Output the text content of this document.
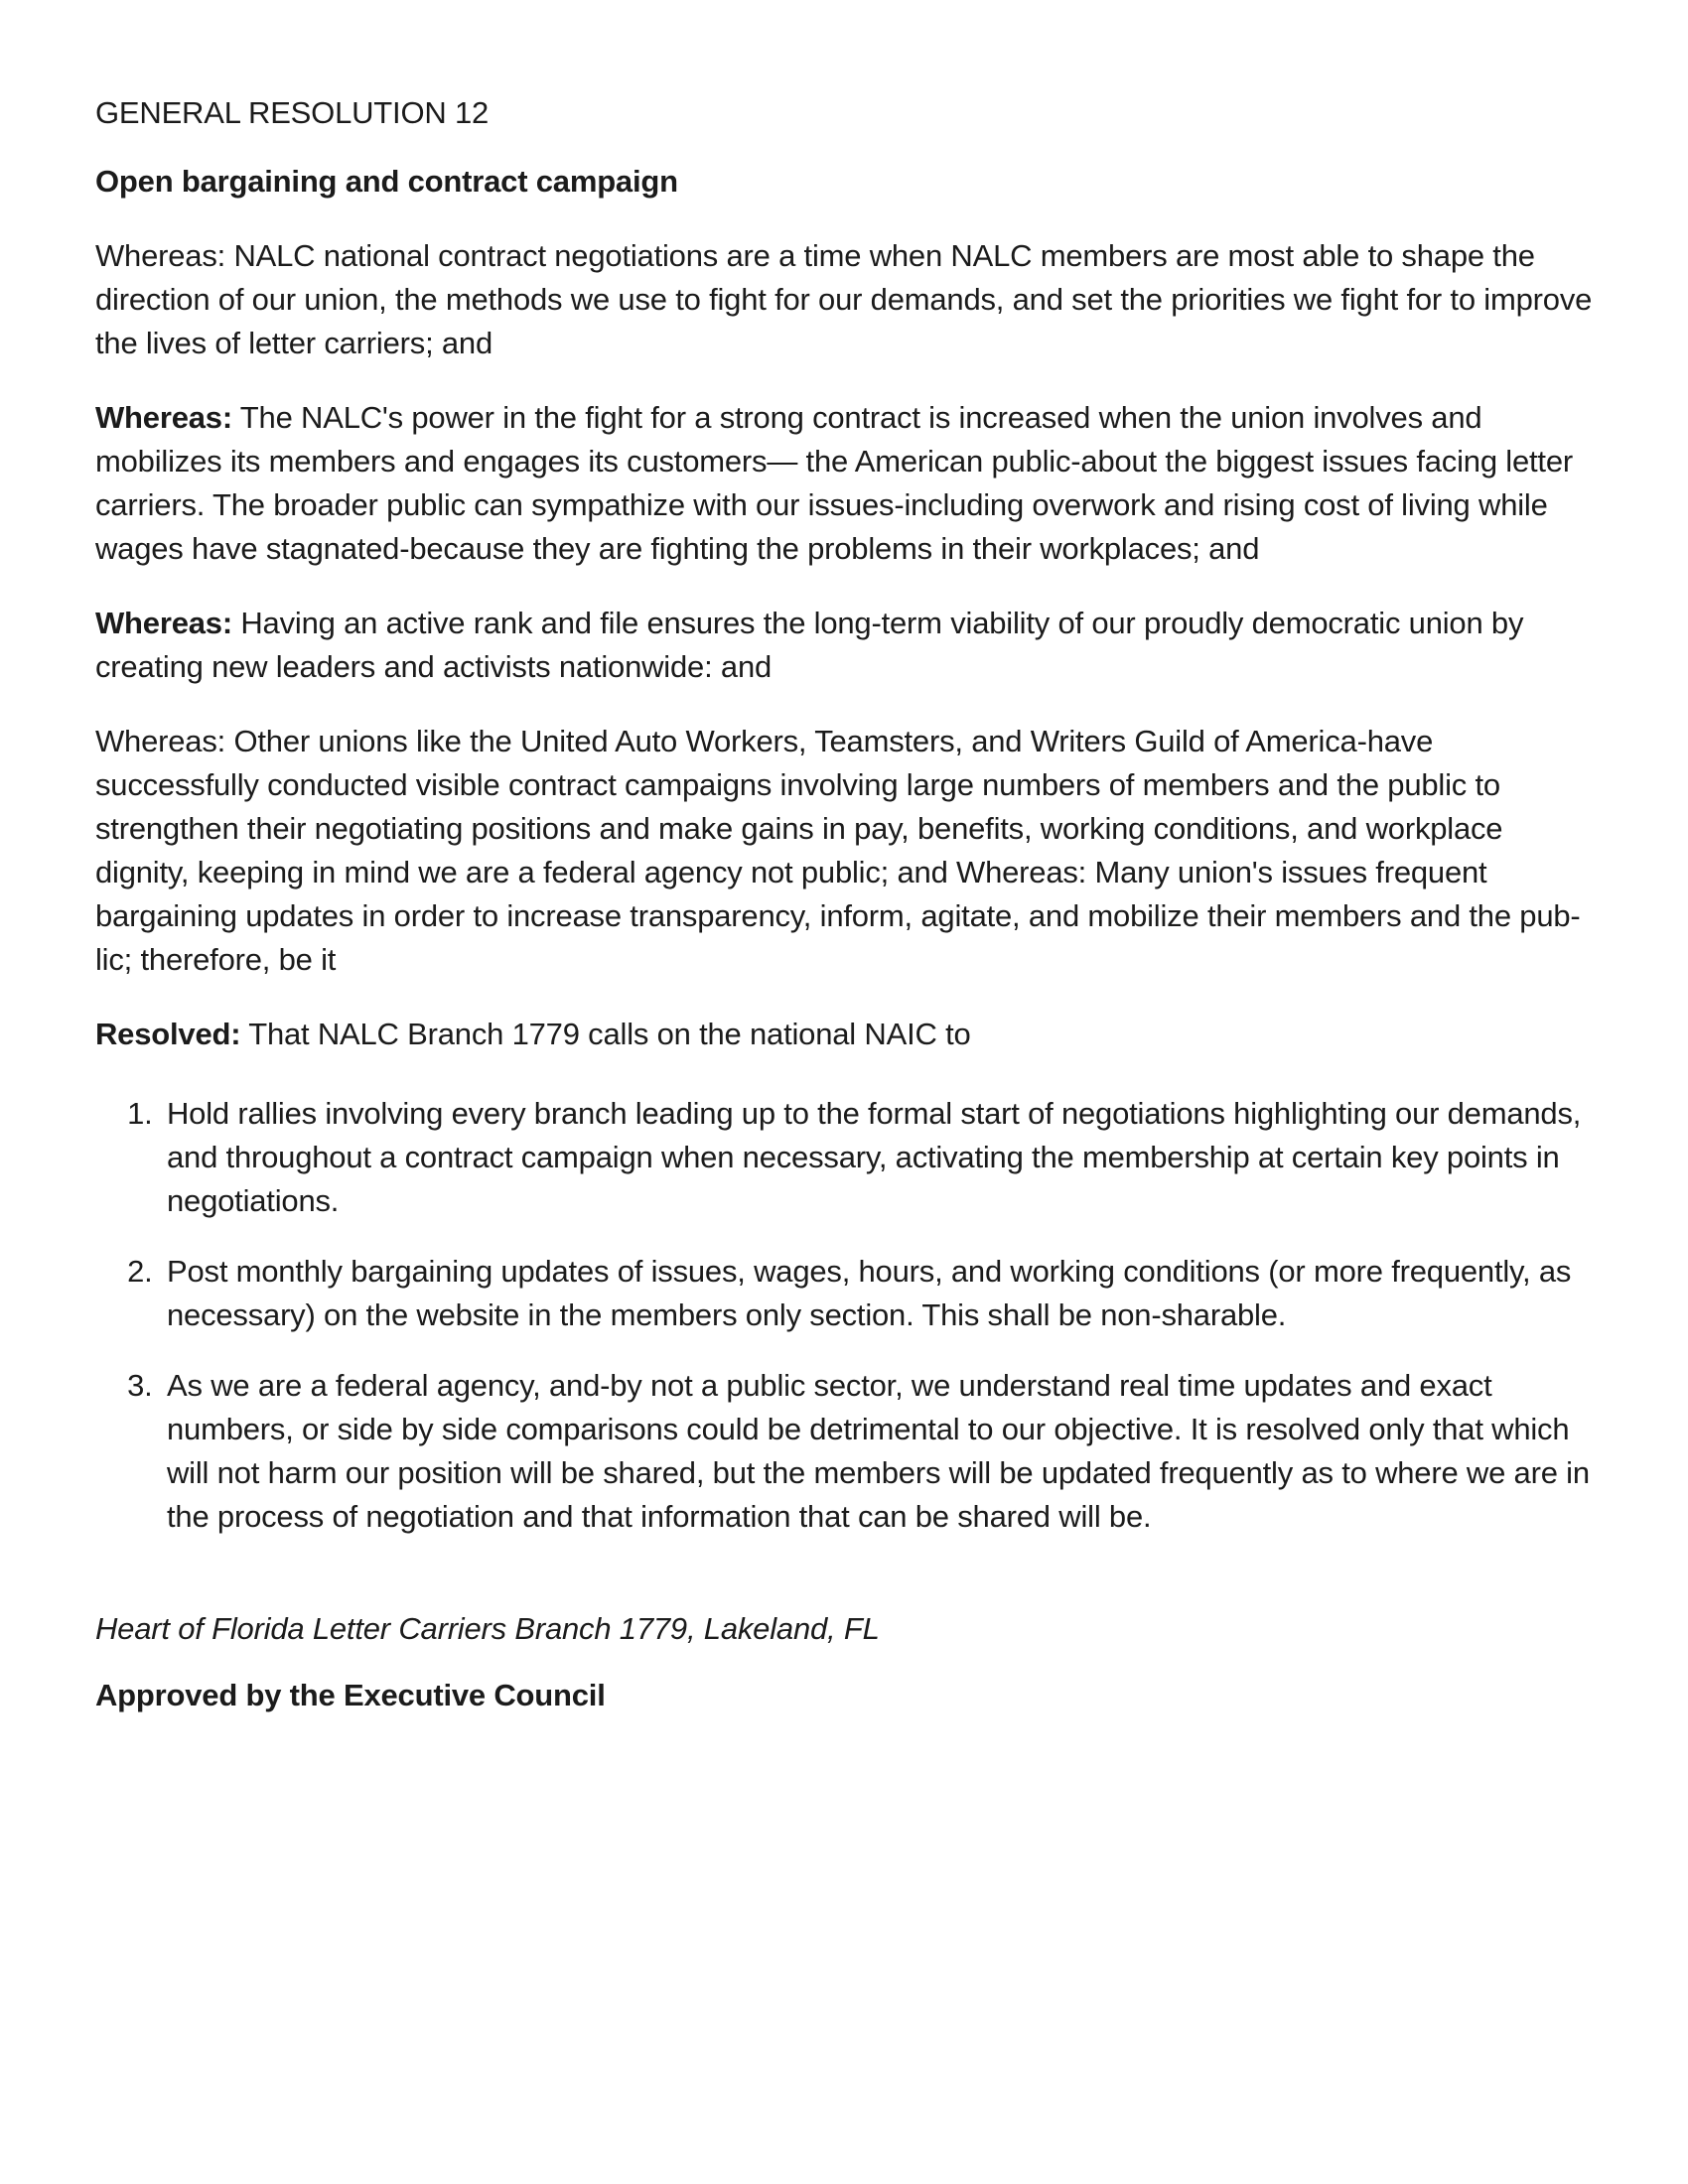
GENERAL RESOLUTION 12

Open bargaining and contract campaign

Whereas: NALC national contract negotiations are a time when NALC members are most able to shape the direction of our union, the methods we use to fight for our demands, and set the priorities we fight for to improve the lives of letter carriers; and

Whereas: The NALC's power in the fight for a strong contract is increased when the union involves and mobilizes its members and engages its customers— the American public-about the biggest issues facing letter carriers. The broader public can sympathize with our issues-including overwork and rising cost of living while wages have stagnated-because they are fighting the problems in their workplaces; and

Whereas: Having an active rank and file ensures the long-term viability of our proudly democratic union by creating new leaders and activists nationwide: and

Whereas: Other unions like the United Auto Workers, Teamsters, and Writers Guild of America-have successfully conducted visible contract campaigns involving large numbers of members and the public to strengthen their negotiating positions and make gains in pay, benefits, working conditions, and workplace dignity, keeping in mind we are a federal agency not public; and Whereas: Many union's issues frequent bargaining updates in order to increase transparency, inform, agitate, and mobilize their members and the pub-lic; therefore, be it

Resolved: That NALC Branch 1779 calls on the national NAIC to

1. Hold rallies involving every branch leading up to the formal start of negotiations highlighting our demands, and throughout a contract campaign when necessary, activating the membership at certain key points in negotiations.
2. Post monthly bargaining updates of issues, wages, hours, and working conditions (or more frequently, as necessary) on the website in the members only section. This shall be non-sharable.
3. As we are a federal agency, and-by not a public sector, we understand real time updates and exact numbers, or side by side comparisons could be detrimental to our objective. It is resolved only that which will not harm our position will be shared, but the members will be updated frequently as to where we are in the process of negotiation and that information that can be shared will be.

Heart of Florida Letter Carriers Branch 1779, Lakeland, FL

Approved by the Executive Council
